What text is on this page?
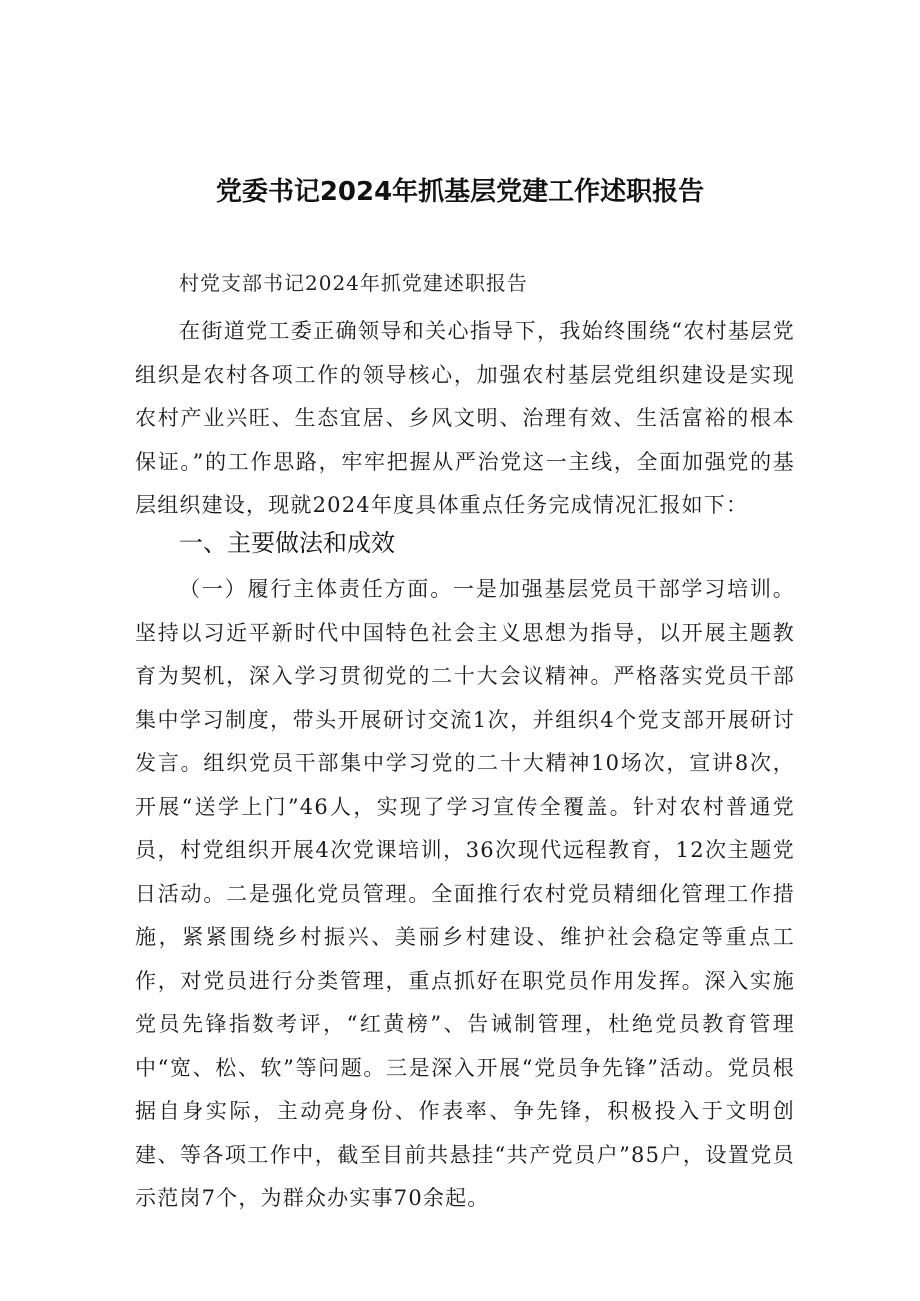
党委书记2024年抓基层党建工作述职报告
村党支部书记2024年抓党建述职报告
在街道党工委正确领导和关心指导下，我始终围绕“农村基层党组织是农村各项工作的领导核心，加强农村基层党组织建设是实现农村产业兴旺、生态宜居、乡风文明、治理有效、生活富裕的根本保证。”的工作思路，牢牢把握从严治党这一主线，全面加强党的基层组织建设，现就2024年度具体重点任务完成情况汇报如下：
一、主要做法和成效
（一）履行主体责任方面。一是加强基层党员干部学习培训。坚持以习近平新时代中国特色社会主义思想为指导，以开展主题教育为契机，深入学习贯彻党的二十大会议精神。严格落实党员干部集中学习制度，带头开展研讨交流1次，并组织4个党支部开展研讨发言。组织党员干部集中学习党的二十大精神10场次，宣讲8次，开展“送学上门”46人，实现了学习宣传全覆盖。针对农村普通党员，村党组织开展4次党课培训，36次现代远程教育，12次主题党日活动。二是强化党员管理。全面推行农村党员精细化管理工作措施，紧紧围绕乡村振兴、美丽乡村建设、维护社会稳定等重点工作，对党员进行分类管理，重点抓好在职党员作用发挥。深入实施党员先锋指数考评，“红黄榜”、告诫制管理，杜绝党员教育管理中“宽、松、软”等问题。三是深入开展“党员争先锋”活动。党员根据自身实际，主动亮身份、作表率、争先锋，积极投入于文明创建、等各项工作中，截至目前共悬挂“共产党员户”85户，设置党员示范岗7个，为群众办实事70余起。
